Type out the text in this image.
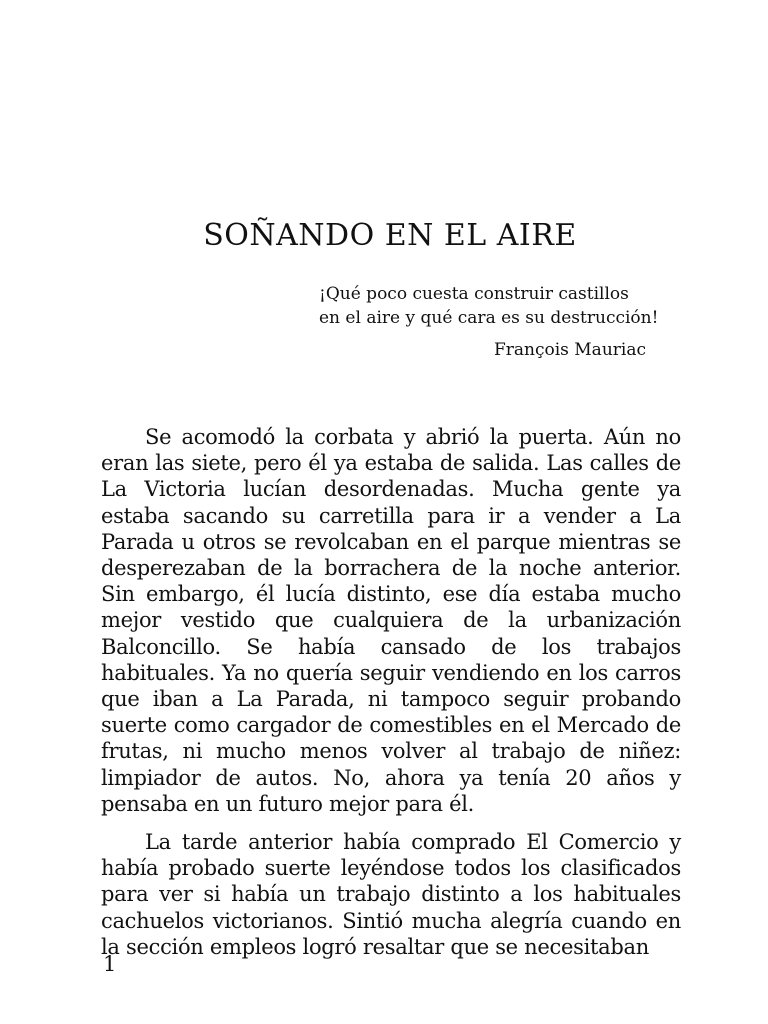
SOÑANDO EN EL AIRE
¡Qué poco cuesta construir castillos
en el aire y qué cara es su destrucción!
François Mauriac

Se acomodó la corbata y abrió la puerta. Aún no eran las siete, pero él ya estaba de salida. Las calles de La Victoria lucían desordenadas. Mucha gente ya estaba sacando su carretilla para ir a vender a La Parada u otros se revolcaban en el parque mientras se desperezaban de la borrachera de la noche anterior. Sin embargo, él lucía distinto, ese día estaba mucho mejor vestido que cualquiera de la urbanización Balconcillo. Se había cansado de los trabajos habituales. Ya no quería seguir vendiendo en los carros que iban a La Parada, ni tampoco seguir probando suerte como cargador de comestibles en el Mercado de frutas, ni mucho menos volver al trabajo de niñez: limpiador de autos. No, ahora ya tenía 20 años y pensaba en un futuro mejor para él.

La tarde anterior había comprado El Comercio y había probado suerte leyéndose todos los clasificados para ver si había un trabajo distinto a los habituales cachuelos victorianos. Sintió mucha alegría cuando en la sección empleos logró resaltar que se necesitaban

1
